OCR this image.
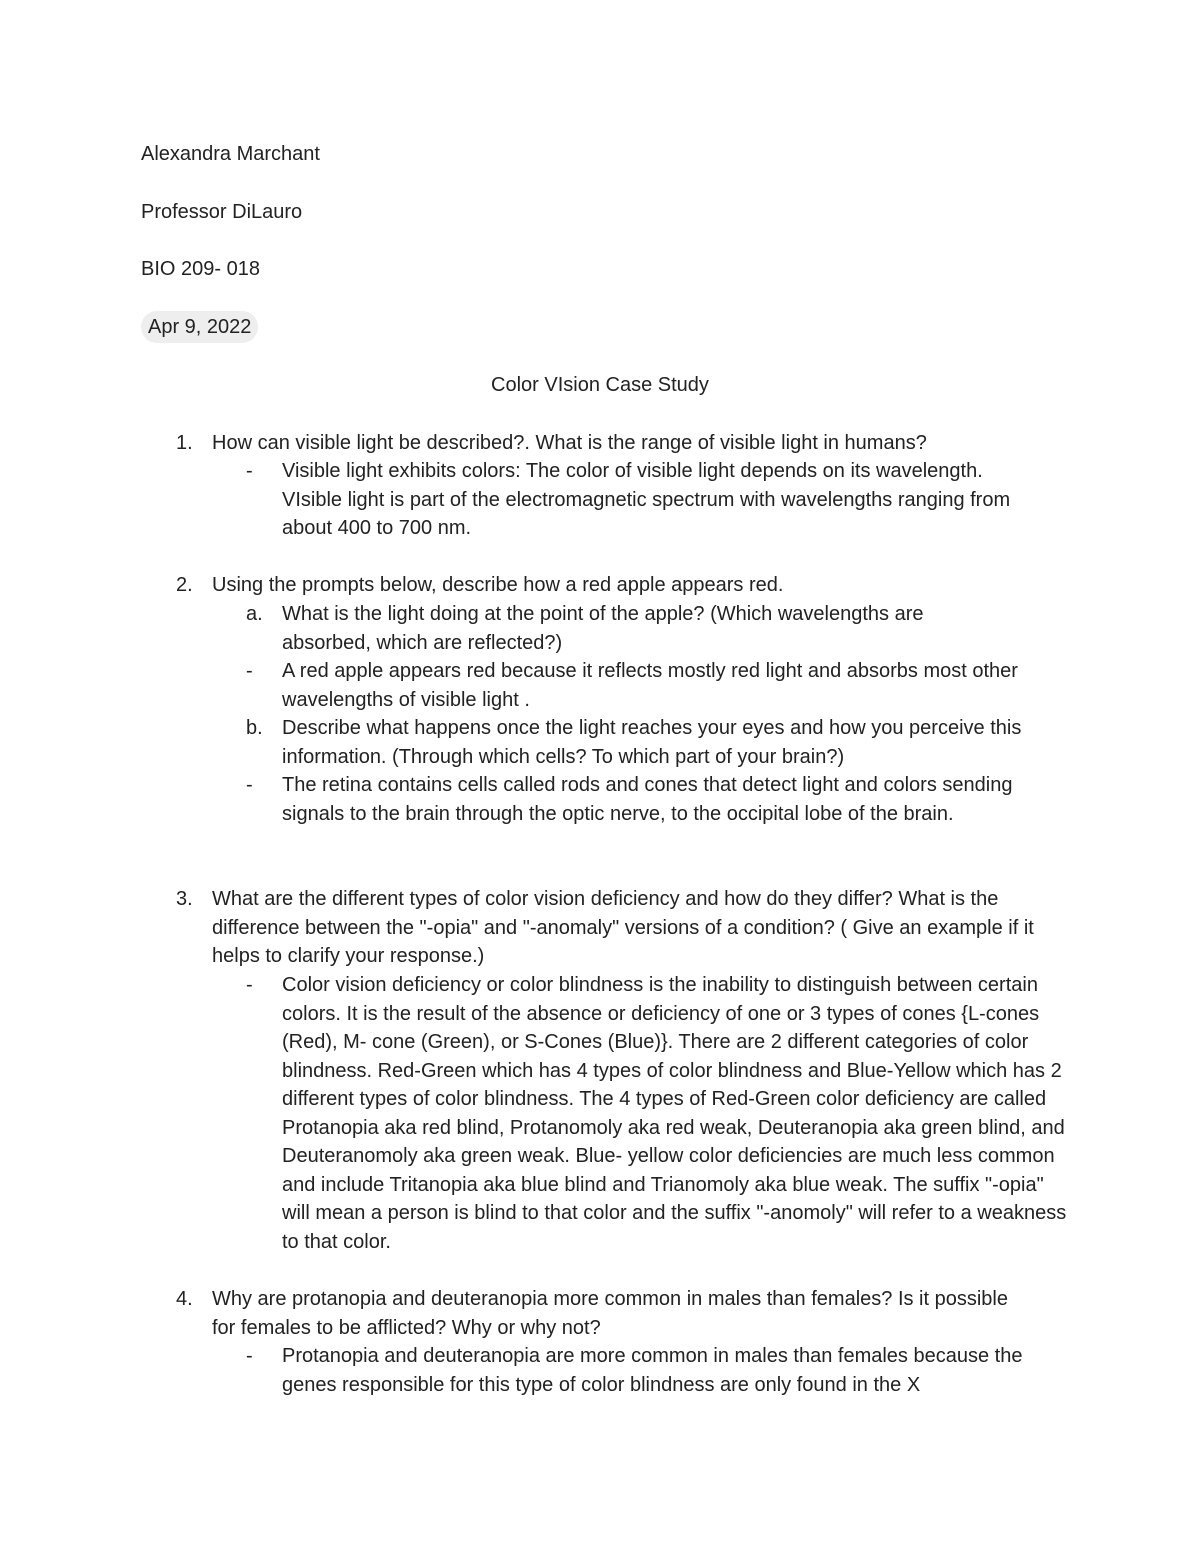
Alexandra Marchant
Professor DiLauro
BIO 209- 018
Apr 9, 2022
Color VIsion Case Study
1. How can visible light be described?. What is the range of visible light in humans?
- Visible light exhibits colors: The color of visible light depends on its wavelength. VIsible light is part of the electromagnetic spectrum with wavelengths ranging from about 400 to 700 nm.
2. Using the prompts below, describe how a red apple appears red.
a. What is the light doing at the point of the apple? (Which wavelengths are absorbed, which are reflected?)
- A red apple appears red because it reflects mostly red light and absorbs most other wavelengths of visible light .
b. Describe what happens once the light reaches your eyes and how you perceive this information. (Through which cells? To which part of your brain?)
- The retina contains cells called rods and cones that detect light and colors sending signals to the brain through the optic nerve, to the occipital lobe of the brain.
3. What are the different types of color vision deficiency and how do they differ? What is the difference between the "-opia" and "-anomaly" versions of a condition? ( Give an example if it helps to clarify your response.)
- Color vision deficiency or color blindness is the inability to distinguish between certain colors. It is the result of the absence or deficiency of one or 3 types of cones {L-cones (Red), M- cone (Green), or S-Cones (Blue)}. There are 2 different categories of color blindness. Red-Green which has 4 types of color blindness and Blue-Yellow which has 2 different types of color blindness. The 4 types of Red-Green color deficiency are called Protanopia aka red blind, Protanomoly aka red weak, Deuteranopia aka green blind, and Deuteranomoly aka green weak. Blue- yellow color deficiencies are much less common and include Tritanopia aka blue blind and Trianomoly aka blue weak. The suffix "-opia" will mean a person is blind to that color and the suffix "-anomoly" will refer to a weakness to that color.
4. Why are protanopia and deuteranopia more common in males than females? Is it possible for females to be afflicted? Why or why not?
- Protanopia and deuteranopia are more common in males than females because the genes responsible for this type of color blindness are only found in the X
